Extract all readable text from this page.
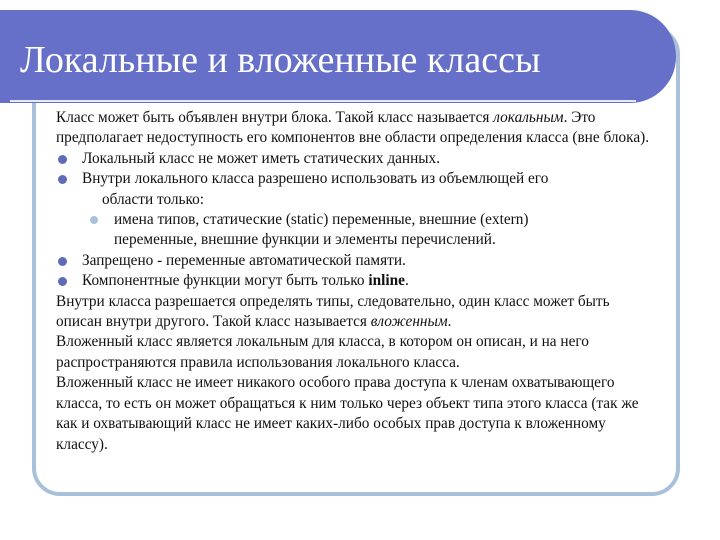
Локальные и вложенные классы

Класс может быть объявлен внутри блока. Такой класс называется локальным. Это предполагает недоступность его компонентов вне области определения класса (вне блока).

Локальный класс не может иметь статических данных.
Внутри локального класса разрешено использовать из объемлющей его
области только:
имена типов, статические (static) переменные, внешние (extern)
переменные, внешние функции и элементы перечислений.
Запрещено - переменные автоматической памяти.
Компонентные функции могут быть только inline.

Внутри класса разрешается определять типы, следовательно, один класс может быть описан внутри другого. Такой класс называется вложенным.

Вложенный класс является локальным для класса, в котором он описан, и на него распространяются правила использования локального класса.

Вложенный класс не имеет никакого особого права доступа к членам охватывающего класса, то есть он может обращаться к ним только через объект типа этого класса (так же как и охватывающий класс не имеет каких-либо особых прав доступа к вложенному классу).
